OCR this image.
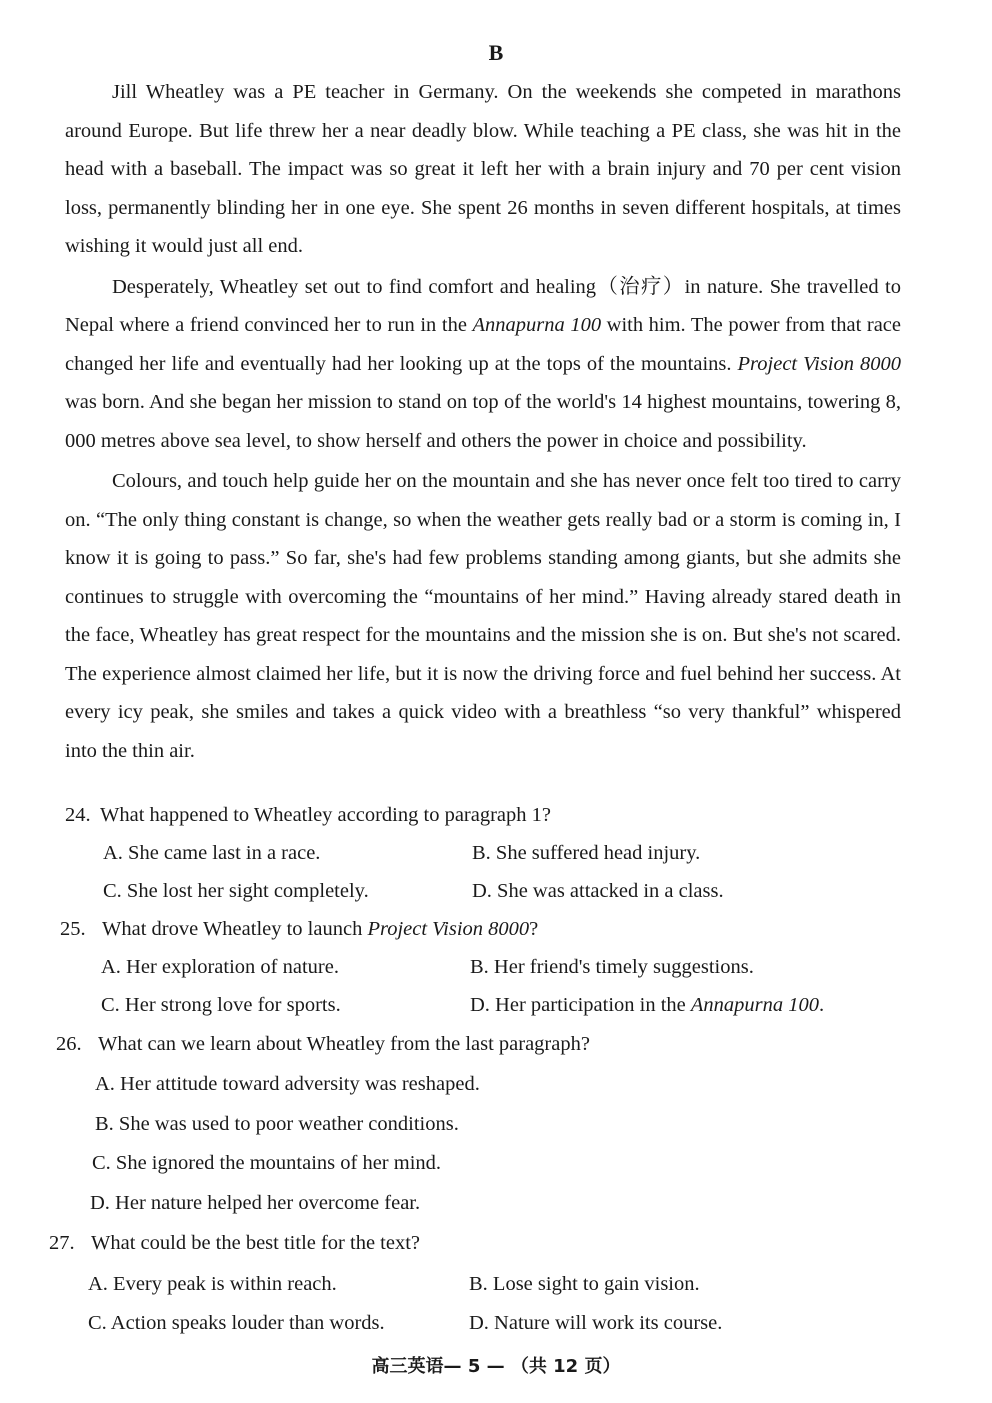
B

Jill Wheatley was a PE teacher in Germany. On the weekends she competed in marathons around Europe. But life threw her a near deadly blow. While teaching a PE class, she was hit in the head with a baseball. The impact was so great it left her with a brain injury and 70 per cent vision loss, permanently blinding her in one eye. She spent 26 months in seven different hospitals, at times wishing it would just all end.

Desperately, Wheatley set out to find comfort and healing（治疗）in nature. She travelled to Nepal where a friend convinced her to run in the Annapurna 100 with him. The power from that race changed her life and eventually had her looking up at the tops of the mountains. Project Vision 8000 was born. And she began her mission to stand on top of the world's 14 highest mountains, towering 8, 000 metres above sea level, to show herself and others the power in choice and possibility.

Colours, and touch help guide her on the mountain and she has never once felt too tired to carry on. “The only thing constant is change, so when the weather gets really bad or a storm is coming in, I know it is going to pass.” So far, she's had few problems standing among giants, but she admits she continues to struggle with overcoming the “mountains of her mind.” Having already stared death in the face, Wheatley has great respect for the mountains and the mission she is on. But she's not scared. The experience almost claimed her life, but it is now the driving force and fuel behind her success. At every icy peak, she smiles and takes a quick video with a breathless “so very thankful” whispered into the thin air.

24. What happened to Wheatley according to paragraph 1?
A. She came last in a race.	B. She suffered head injury.
C. She lost her sight completely.	D. She was attacked in a class.
25. What drove Wheatley to launch Project Vision 8000?
A. Her exploration of nature.	B. Her friend's timely suggestions.
C. Her strong love for sports.	D. Her participation in the Annapurna 100.
26. What can we learn about Wheatley from the last paragraph?
A. Her attitude toward adversity was reshaped.
B. She was used to poor weather conditions.
C. She ignored the mountains of her mind.
D. Her nature helped her overcome fear.
27. What could be the best title for the text?
A. Every peak is within reach.	B. Lose sight to gain vision.
C. Action speaks louder than words.	D. Nature will work its course.
高三英语— 5 — （共 12 页）
